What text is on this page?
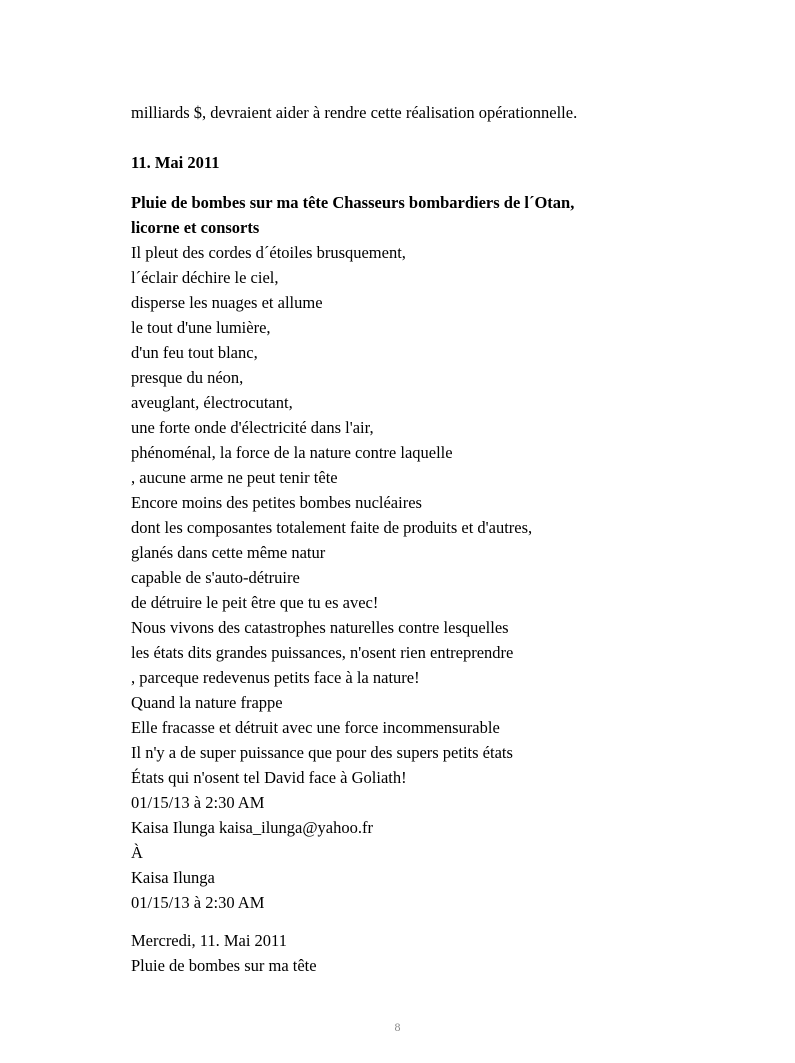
milliards $, devraient aider à rendre cette réalisation opérationnelle.
11. Mai 2011
Pluie de bombes sur ma tête Chasseurs bombardiers de l´Otan,
licorne et consorts
Il pleut des cordes d´étoiles brusquement,
l´éclair déchire le ciel,
disperse les nuages et allume
le tout d'une lumière,
d'un feu tout blanc,
presque du néon,
aveuglant, électrocutant,
une forte onde d'électricité dans l'air,
phénoménal, la force de la nature contre laquelle
, aucune arme ne peut tenir tête
Encore moins des petites bombes nucléaires
dont les composantes totalement faite de produits et d'autres,
glanés dans cette même natur
capable de s'auto-détruire
de détruire le peit être que tu es avec!
Nous vivons des catastrophes naturelles contre lesquelles
les états dits grandes puissances, n'osent rien entreprendre
, parceque redevenus petits face à la nature!
Quand la nature frappe
Elle fracasse et détruit avec une force incommensurable
Il n'y a de super puissance que pour des supers petits états
États qui n'osent tel David face à Goliath!
01/15/13 à 2:30 AM
Kaisa Ilunga kaisa_ilunga@yahoo.fr
À
Kaisa Ilunga
01/15/13 à 2:30 AM
Mercredi, 11. Mai 2011
Pluie de bombes sur ma tête
8
